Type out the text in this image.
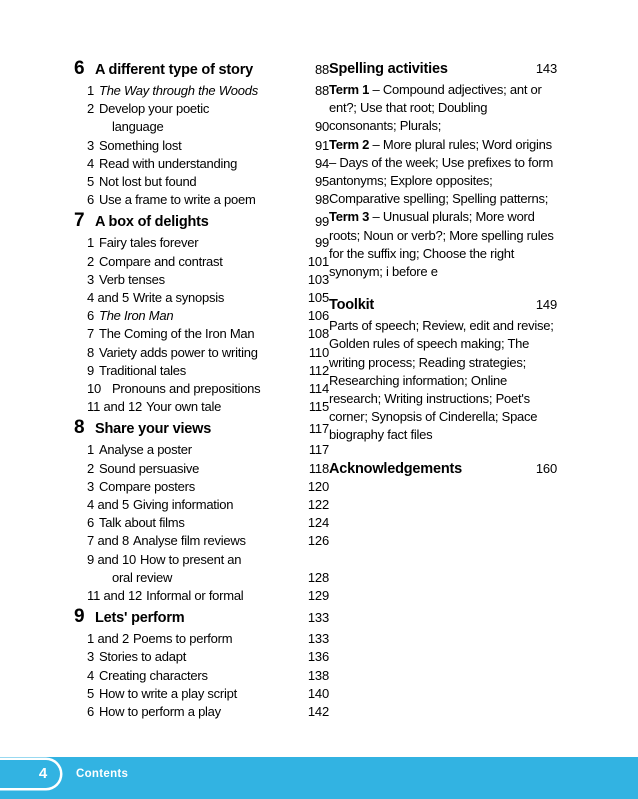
6 A different type of story	88
1 The Way through the Woods	88
2 Develop your poetic
language	90
3 Something lost	91
4 Read with understanding	94
5 Not lost but found	95
6 Use a frame to write a poem	98
7 A box of delights	99
1 Fairy tales forever	99
2 Compare and contrast	101
3 Verb tenses	103
4 and 5 Write a synopsis	105
6 The Iron Man	106
7 The Coming of the Iron Man	108
8 Variety adds power to writing	110
9 Traditional tales	112
10 Pronouns and prepositions	114
11 and 12 Your own tale	115
8 Share your views	117
1 Analyse a poster	117
2 Sound persuasive	118
3 Compare posters	120
4 and 5 Giving information	122
6 Talk about films	124
7 and 8 Analyse film reviews	126
9 and 10 How to present an
oral review	128
11 and 12 Informal or formal	129
9 Lets' perform	133
1 and 2 Poems to perform	133
3 Stories to adapt	136
4 Creating characters	138
5 How to write a play script	140
6 How to perform a play	142
Spelling activities	143
Term 1 – Compound adjectives; ant or ent?; Use that root; Doubling consonants; Plurals;
Term 2 – More plural rules; Word origins – Days of the week; Use prefixes to form antonyms; Explore opposites; Comparative spelling; Spelling patterns;
Term 3 – Unusual plurals; More word roots; Noun or verb?; More spelling rules for the suffix ing; Choose the right synonym; i before e
Toolkit	149
Parts of speech; Review, edit and revise; Golden rules of speech making; The writing process; Reading strategies; Researching information; Online research; Writing instructions; Poet's corner; Synopsis of Cinderella; Space biography fact files
Acknowledgements	160
4	Contents
